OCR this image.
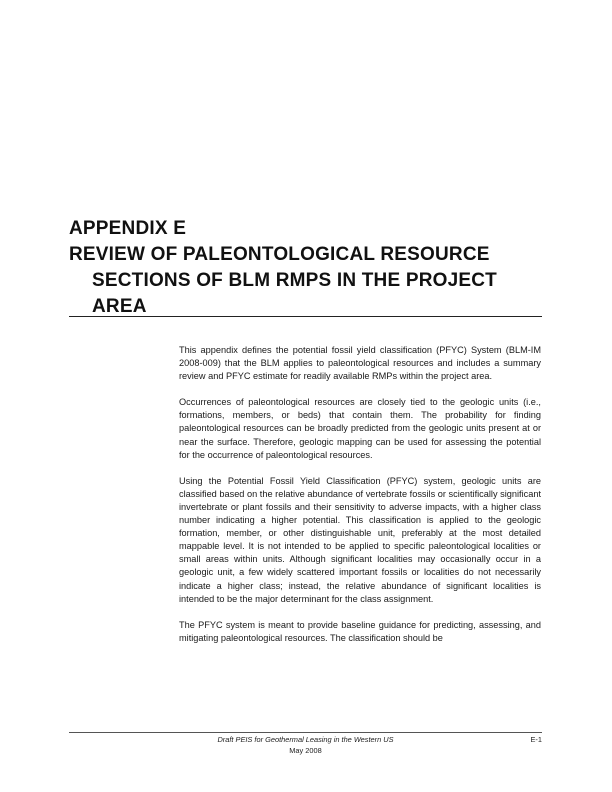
APPENDIX E
REVIEW OF PALEONTOLOGICAL RESOURCE
SECTIONS OF BLM RMPS IN THE PROJECT
AREA

This appendix defines the potential fossil yield classification (PFYC) System (BLM-IM 2008-009) that the BLM applies to paleontological resources and includes a summary review and PFYC estimate for readily available RMPs within the project area.

Occurrences of paleontological resources are closely tied to the geologic units (i.e., formations, members, or beds) that contain them. The probability for finding paleontological resources can be broadly predicted from the geologic units present at or near the surface. Therefore, geologic mapping can be used for assessing the potential for the occurrence of paleontological resources.

Using the Potential Fossil Yield Classification (PFYC) system, geologic units are classified based on the relative abundance of vertebrate fossils or scientifically significant invertebrate or plant fossils and their sensitivity to adverse impacts, with a higher class number indicating a higher potential. This classification is applied to the geologic formation, member, or other distinguishable unit, preferably at the most detailed mappable level. It is not intended to be applied to specific paleontological localities or small areas within units. Although significant localities may occasionally occur in a geologic unit, a few widely scattered important fossils or localities do not necessarily indicate a higher class; instead, the relative abundance of significant localities is intended to be the major determinant for the class assignment.

The PFYC system is meant to provide baseline guidance for predicting, assessing, and mitigating paleontological resources. The classification should be

Draft PEIS for Geothermal Leasing in the Western US
May 2008
E-1
